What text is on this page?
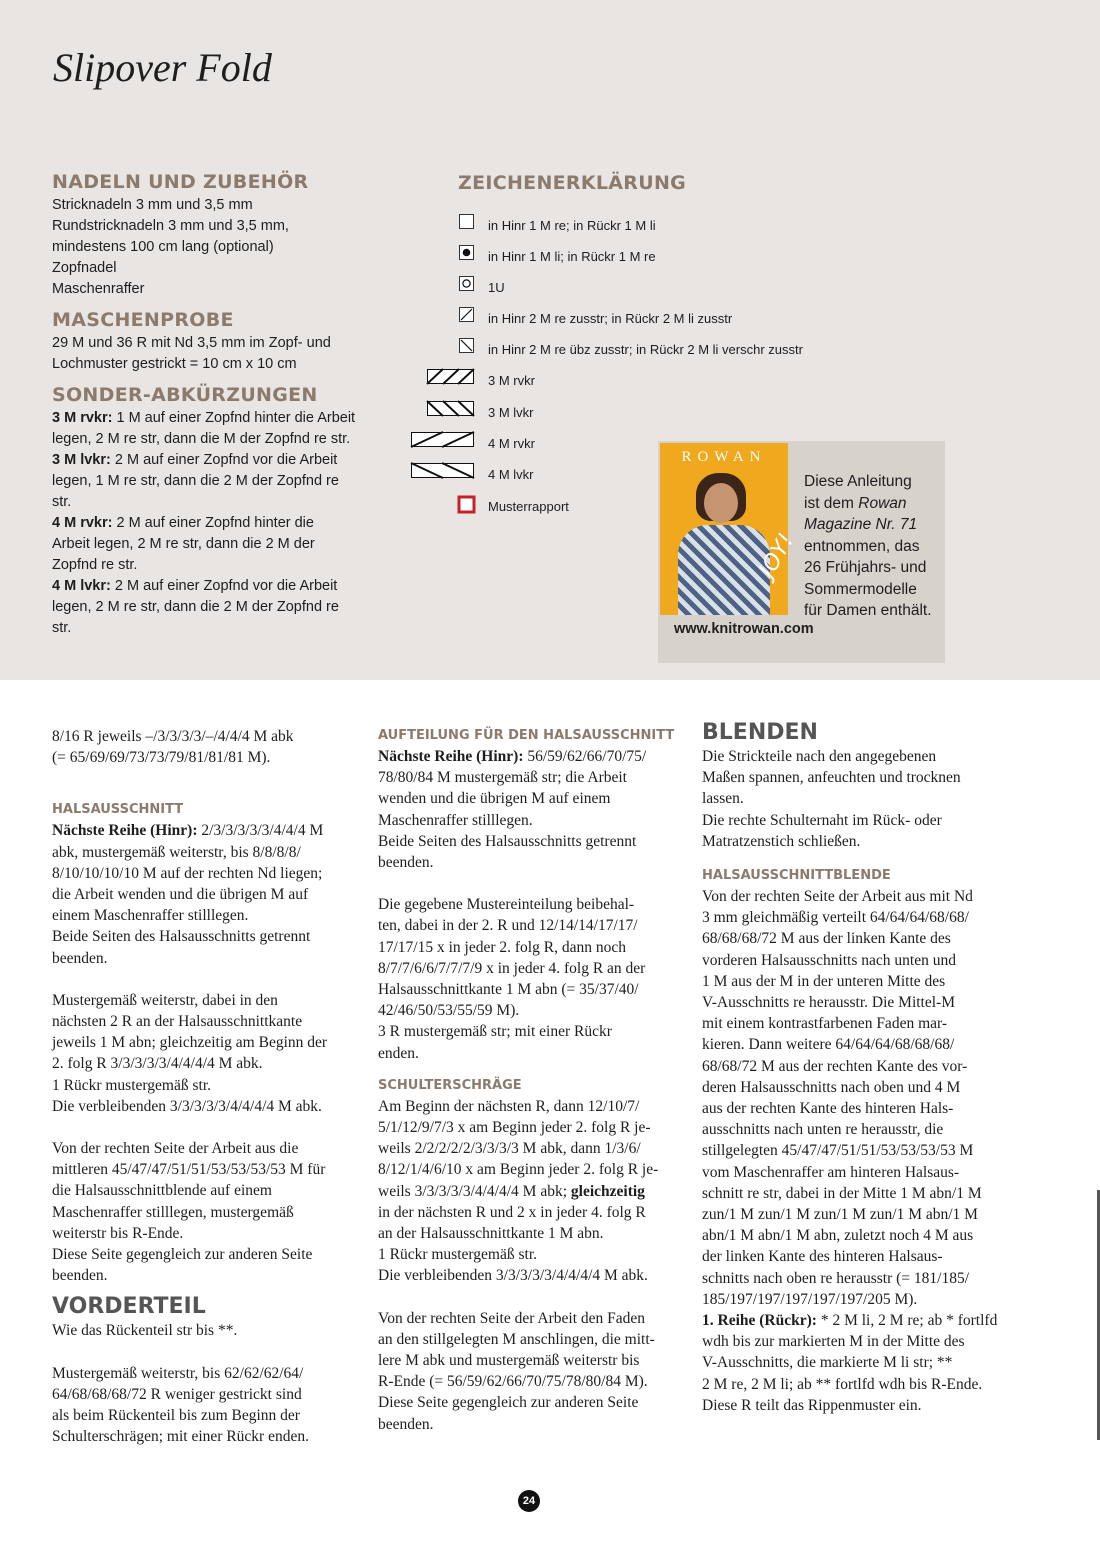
Slipover Fold
NADELN UND ZUBEHÖR

Stricknadeln 3 mm und 3,5 mm

Rundstricknadeln 3 mm und 3,5 mm,

mindestens 100 cm lang (optional)

Zopfnadel

Maschenraffer

MASCHENPROBE

29 M und 36 R mit Nd 3,5 mm im Zopf- und

Lochmuster gestrickt = 10 cm x 10 cm

SONDER-ABKÜRZUNGEN

3 M rvkr: 1 M auf einer Zopfnd hinter die Arbeit

legen, 2 M re str, dann die M der Zopfnd re str.

3 M lvkr: 2 M auf einer Zopfnd vor die Arbeit

legen, 1 M re str, dann die 2 M der Zopfnd re

str.

4 M rvkr: 2 M auf einer Zopfnd hinter die

Arbeit legen, 2 M re str, dann die 2 M der

Zopfnd re str.

4 M lvkr: 2 M auf einer Zopfnd vor die Arbeit

legen, 2 M re str, dann die 2 M der Zopfnd re

str.

ZEICHENERKLÄRUNG
in Hinr 1 M re; in Rückr 1 M li
in Hinr 1 M li; in Rückr 1 M re
1U
in Hinr 2 M re zusstr; in Rückr 2 M li zusstr
in Hinr 2 M re übz zusstr; in Rückr 2 M li verschr zusstr
3 M rvkr
3 M lvkr
4 M rvkr
4 M lvkr
Musterrapport
ROWAN
JOY!

Diese Anleitung

ist dem Rowan

Magazine Nr. 71

entnommen, das

26 Frühjahrs- und

Sommermodelle

für Damen enthält.

www.knitrowan.com

8/16 R jeweils –/3/3/3/3/–/4/4/4 M abk

(= 65/69/69/73/73/79/81/81/81 M).

HALSAUSSCHNITT

Nächste Reihe (Hinr): 2/3/3/3/3/3/4/4/4 M

abk, mustergemäß weiterstr, bis 8/8/8/8/

8/10/10/10/10 M auf der rechten Nd liegen;

die Arbeit wenden und die übrigen M auf

einem Maschenraffer stilllegen.

Beide Seiten des Halsausschnitts getrennt

beenden.

Mustergemäß weiterstr, dabei in den

nächsten 2 R an der Halsausschnittkante

jeweils 1 M abn; gleichzeitig am Beginn der

2. folg R 3/3/3/3/3/4/4/4/4 M abk.

1 Rückr mustergemäß str.

Die verbleibenden 3/3/3/3/3/4/4/4/4 M abk.

Von der rechten Seite der Arbeit aus die

mittleren 45/47/47/51/51/53/53/53/53 M für

die Halsausschnittblende auf einem

Maschenraffer stilllegen, mustergemäß

weiterstr bis R-Ende.

Diese Seite gegengleich zur anderen Seite

beenden.

VORDERTEIL

Wie das Rückenteil str bis **.

Mustergemäß weiterstr, bis 62/62/62/64/

64/68/68/68/72 R weniger gestrickt sind

als beim Rückenteil bis zum Beginn der

Schulterschrägen; mit einer Rückr enden.

AUFTEILUNG FÜR DEN HALSAUSSCHNITT

Nächste Reihe (Hinr): 56/59/62/66/70/75/

78/80/84 M mustergemäß str; die Arbeit

wenden und die übrigen M auf einem

Maschenraffer stilllegen.

Beide Seiten des Halsausschnitts getrennt

beenden.

Die gegebene Mustereinteilung beibehal-

ten, dabei in der 2. R und 12/14/14/17/17/

17/17/15 x in jeder 2. folg R, dann noch

8/7/7/6/6/7/7/7/9 x in jeder 4. folg R an der

Halsausschnittkante 1 M abn (= 35/37/40/

42/46/50/53/55/59 M).

3 R mustergemäß str; mit einer Rückr

enden.

SCHULTERSCHRÄGE

Am Beginn der nächsten R, dann 12/10/7/

5/1/12/9/7/3 x am Beginn jeder 2. folg R je-

weils 2/2/2/2/2/3/3/3/3 M abk, dann 1/3/6/

8/12/1/4/6/10 x am Beginn jeder 2. folg R je-

weils 3/3/3/3/3/4/4/4/4 M abk; gleichzeitig

in der nächsten R und 2 x in jeder 4. folg R

an der Halsausschnittkante 1 M abn.

1 Rückr mustergemäß str.

Die verbleibenden 3/3/3/3/3/4/4/4/4 M abk.

Von der rechten Seite der Arbeit den Faden

an den stillgelegten M anschlingen, die mitt-

lere M abk und mustergemäß weiterstr bis

R-Ende (= 56/59/62/66/70/75/78/80/84 M).

Diese Seite gegengleich zur anderen Seite

beenden.

BLENDEN

Die Strickteile nach den angegebenen

Maßen spannen, anfeuchten und trocknen

lassen.

Die rechte Schulternaht im Rück- oder

Matratzenstich schließen.

HALSAUSSCHNITTBLENDE

Von der rechten Seite der Arbeit aus mit Nd

3 mm gleichmäßig verteilt 64/64/64/68/68/

68/68/68/72 M aus der linken Kante des

vorderen Halsausschnitts nach unten und

1 M aus der M in der unteren Mitte des

V-Ausschnitts re herausstr. Die Mittel-M

mit einem kontrastfarbenen Faden mar-

kieren. Dann weitere 64/64/64/68/68/68/

68/68/72 M aus der rechten Kante des vor-

deren Halsausschnitts nach oben und 4 M

aus der rechten Kante des hinteren Hals-

ausschnitts nach unten re herausstr, die

stillgelegten 45/47/47/51/51/53/53/53/53 M

vom Maschenraffer am hinteren Halsaus-

schnitt re str, dabei in der Mitte 1 M abn/1 M

zun/1 M zun/1 M zun/1 M zun/1 M abn/1 M

abn/1 M abn/1 M abn, zuletzt noch 4 M aus

der linken Kante des hinteren Halsaus-

schnitts nach oben re herausstr (= 181/185/

185/197/197/197/197/197/205 M).

1. Reihe (Rückr): * 2 M li, 2 M re; ab * fortlfd

wdh bis zur markierten M in der Mitte des

V-Ausschnitts, die markierte M li str; **

2 M re, 2 M li; ab ** fortlfd wdh bis R-Ende.

Diese R teilt das Rippenmuster ein.

24
